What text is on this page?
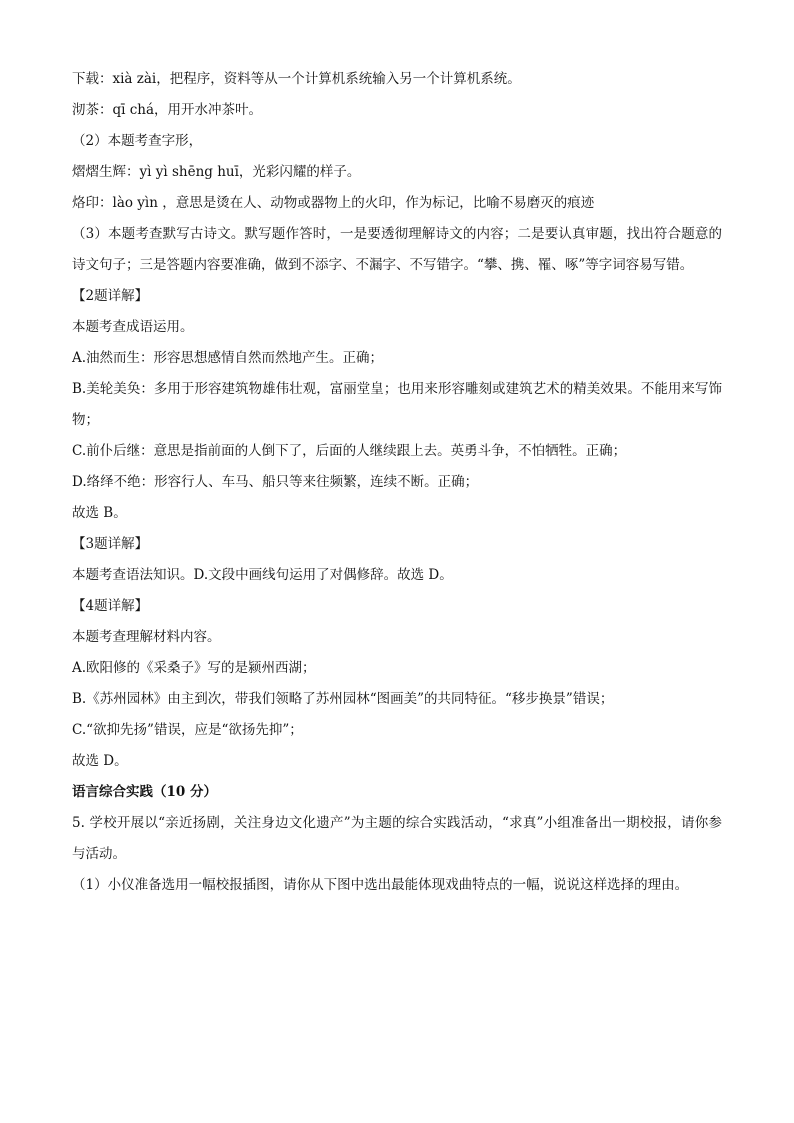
下载：xià zài，把程序，资料等从一个计算机系统输入另一个计算机系统。

沏茶：qī chá，用开水冲茶叶。

（2）本题考查字形，

熠熠生辉：yì yì shēng huī，光彩闪耀的样子。

烙印：lào yìn ，意思是烫在人、动物或器物上的火印，作为标记，比喻不易磨灭的痕迹

（3）本题考查默写古诗文。默写题作答时，一是要透彻理解诗文的内容；二是要认真审题，找出符合题意的诗文句子；三是答题内容要准确，做到不添字、不漏字、不写错字。“攀、携、罹、啄”等字词容易写错。

【2题详解】

本题考查成语运用。

A.油然而生：形容思想感情自然而然地产生。正确；

B.美轮美奂：多用于形容建筑物雄伟壮观，富丽堂皇；也用来形容雕刻或建筑艺术的精美效果。不能用来写饰物；

C.前仆后继：意思是指前面的人倒下了，后面的人继续跟上去。英勇斗争，不怕牺牲。正确；

D.络绎不绝：形容行人、车马、船只等来往频繁，连续不断。正确；

故选 B。

【3题详解】

本题考查语法知识。D.文段中画线句运用了对偶修辞。故选 D。

【4题详解】

本题考查理解材料内容。

A.欧阳修的《采桑子》写的是颍州西湖；

B.《苏州园林》由主到次，带我们领略了苏州园林“图画美”的共同特征。“移步换景”错误；

C.“欲抑先扬”错误，应是“欲扬先抑”；

故选 D。

语言综合实践（10 分）

5. 学校开展以“亲近扬剧，关注身边文化遗产”为主题的综合实践活动，“求真”小组准备出一期校报，请你参与活动。

（1）小仪准备选用一幅校报插图，请你从下图中选出最能体现戏曲特点的一幅，说说这样选择的理由。
